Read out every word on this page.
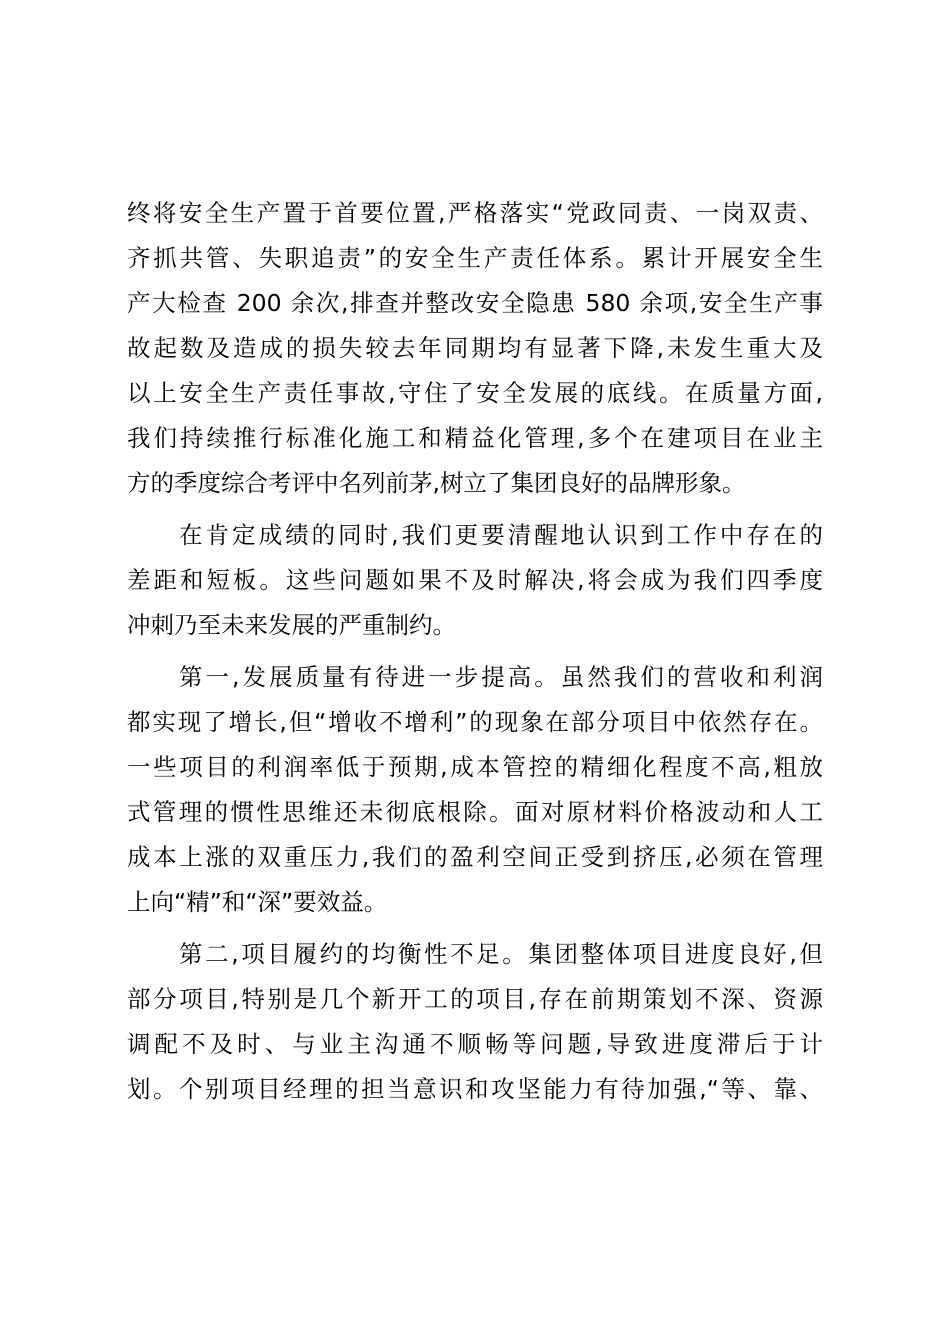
终将安全生产置于首要位置,严格落实“党政同责、一岗双责、
齐抓共管、失职追责”的安全生产责任体系。累计开展安全生
产大检查 200 余次,排查并整改安全隐患 580 余项,安全生产事
故起数及造成的损失较去年同期均有显著下降,未发生重大及
以上安全生产责任事故,守住了安全发展的底线。在质量方面,
我们持续推行标准化施工和精益化管理,多个在建项目在业主
方的季度综合考评中名列前茅,树立了集团良好的品牌形象。
在肯定成绩的同时,我们更要清醒地认识到工作中存在的
差距和短板。这些问题如果不及时解决,将会成为我们四季度
冲刺乃至未来发展的严重制约。
第一,发展质量有待进一步提高。虽然我们的营收和利润
都实现了增长,但“增收不增利”的现象在部分项目中依然存在。
一些项目的利润率低于预期,成本管控的精细化程度不高,粗放
式管理的惯性思维还未彻底根除。面对原材料价格波动和人工
成本上涨的双重压力,我们的盈利空间正受到挤压,必须在管理
上向“精”和“深”要效益。
第二,项目履约的均衡性不足。集团整体项目进度良好,但
部分项目,特别是几个新开工的项目,存在前期策划不深、资源
调配不及时、与业主沟通不顺畅等问题,导致进度滞后于计
划。个别项目经理的担当意识和攻坚能力有待加强,“等、靠、
